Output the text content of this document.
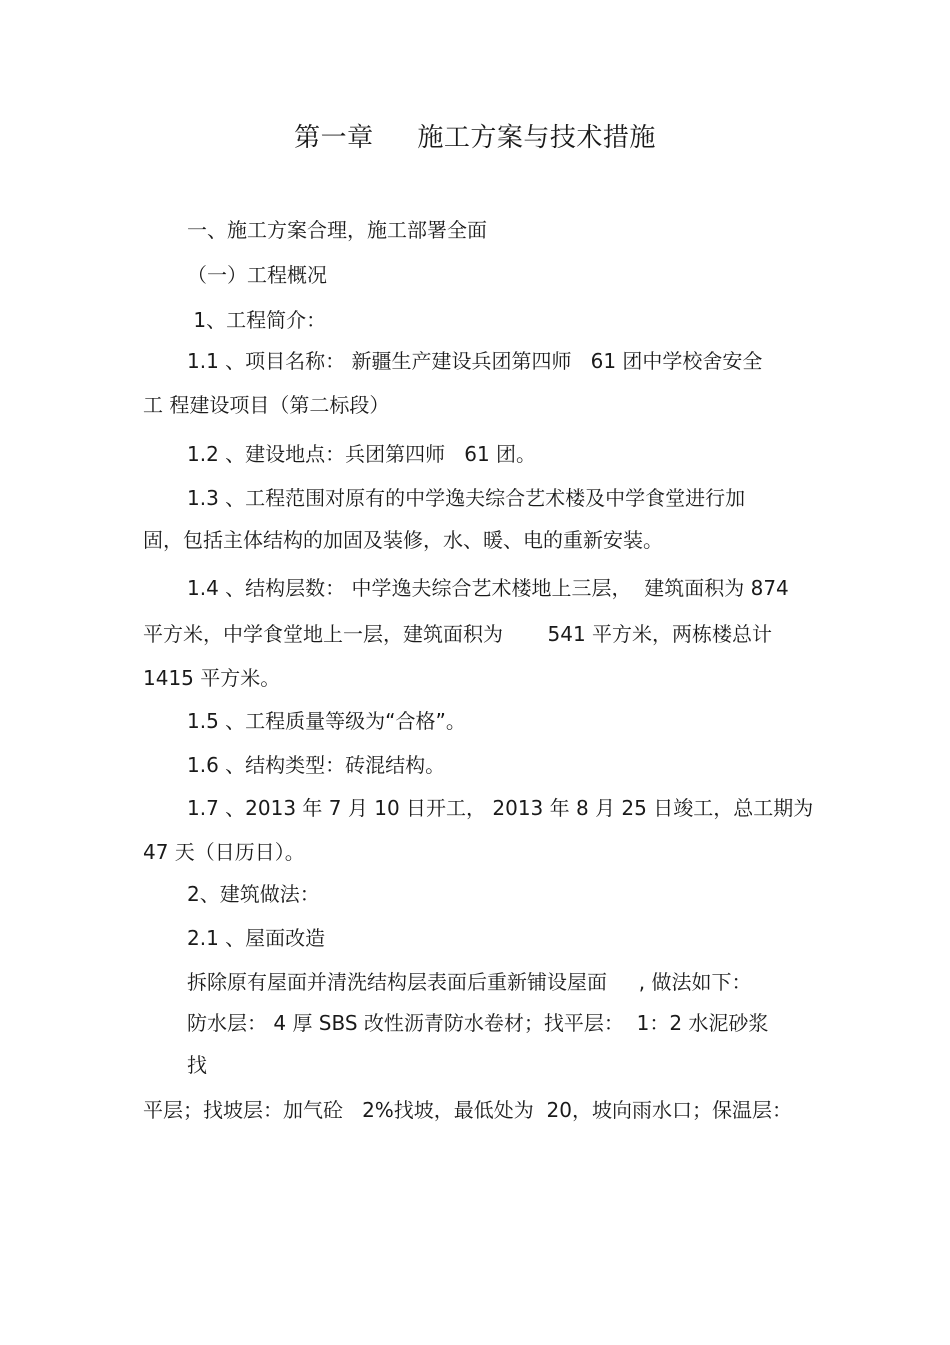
第一章     施工方案与技术措施
一、施工方案合理，施工部署全面
（一）工程概况
1、工程简介：
1.1 、项目名称： 新疆生产建设兵团第四师   61 团中学校舍安全
工 程建设项目（第二标段）
1.2 、建设地点：兵团第四师   61 团。
1.3 、工程范围对原有的中学逸夫综合艺术楼及中学食堂进行加
固，包括主体结构的加固及装修，水、暖、电的重新安装。
1.4 、结构层数： 中学逸夫综合艺术楼地上三层，  建筑面积为 874
平方米，中学食堂地上一层，建筑面积为       541 平方米，两栋楼总计
1415 平方米。
1.5 、工程质量等级为“合格”。
1.6 、结构类型：砖混结构。
1.7 、2013 年 7 月 10 日开工， 2013 年 8 月 25 日竣工，总工期为
47 天（日历日）。
2、建筑做法：
2.1 、屋面改造
拆除原有屋面并清洗结构层表面后重新铺设屋面     , 做法如下：
防水层： 4 厚 SBS 改性沥青防水卷材；找平层：  1：2 水泥砂浆
找
平层；找坡层：加气砼   2%找坡，最低处为  20，坡向雨水口；保温层：
